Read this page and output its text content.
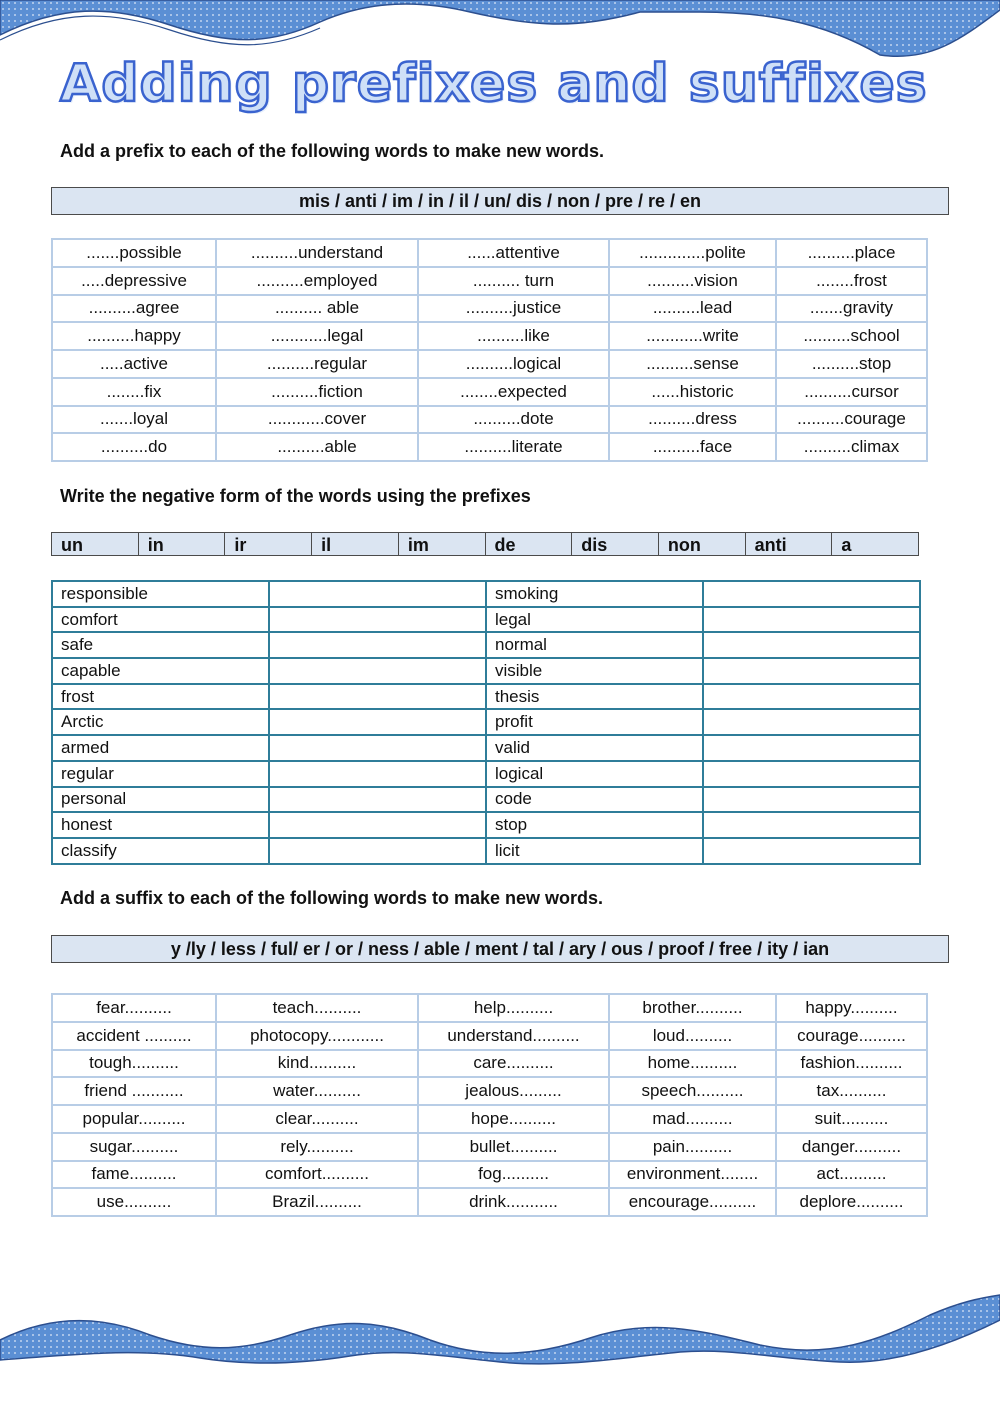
Adding prefixes and suffixes
Add a prefix to each of the following words to make new words.
mis / anti / im / in / il / un/ dis / non / pre / re / en
.......possible	..........understand	......attentive	..............polite	..........place
.....depressive	..........employed	.......... turn	..........vision	........frost
..........agree	.......... able	..........justice	..........lead	.......gravity
..........happy	............legal	..........like	............write	..........school
.....active	..........regular	..........logical	..........sense	..........stop
........fix	..........fiction	........expected	......historic	..........cursor
.......loyal	............cover	..........dote	..........dress	..........courage
..........do	..........able	..........literate	..........face	..........climax
Write the negative form of the words using the prefixes
un	in	ir	il	im	de	dis	non	anti	a
responsible		smoking	
comfort		legal	
safe		normal	
capable		visible	
frost		thesis	
Arctic		profit	
armed		valid	
regular		logical	
personal		code	
honest		stop	
classify		licit	
Add a suffix to each of the following words to make new words.
y /ly / less / ful/ er / or / ness / able / ment / tal / ary / ous / proof / free / ity / ian
fear..........	teach..........	help..........	brother..........	happy..........
accident ..........	photocopy............	understand..........	loud..........	courage..........
tough..........	kind..........	care..........	home..........	fashion..........
friend ...........	water..........	jealous.........	speech..........	tax..........
popular..........	clear..........	hope..........	mad..........	suit..........
sugar..........	rely..........	bullet..........	pain..........	danger..........
fame..........	comfort..........	fog..........	environment........	act..........
use..........	Brazil..........	drink...........	encourage..........	deplore..........
